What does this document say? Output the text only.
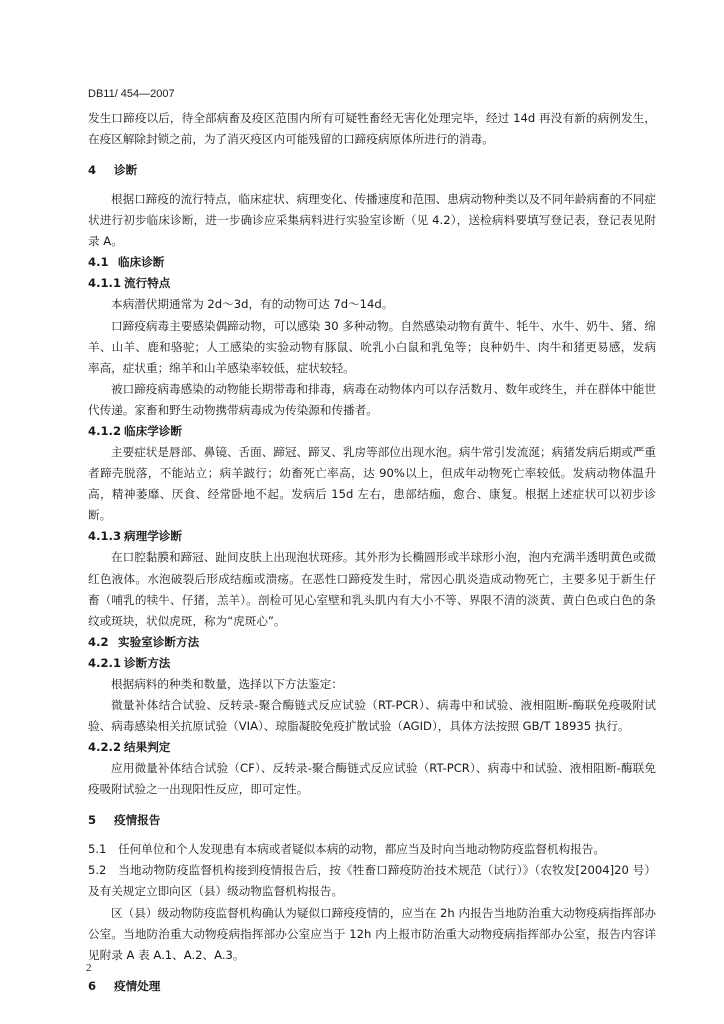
DB11/ 454—2007

发生口蹄疫以后，待全部病畜及疫区范围内所有可疑牲畜经无害化处理完毕，经过 14d 再没有新的病例发生，在疫区解除封锁之前，为了消灭疫区内可能残留的口蹄疫病原体所进行的消毒。

4 诊断

根据口蹄疫的流行特点，临床症状、病理变化、传播速度和范围、患病动物种类以及不同年龄病畜的不同症状进行初步临床诊断，进一步确诊应采集病料进行实验室诊断（见 4.2），送检病料要填写登记表，登记表见附录 A。

4.1 临床诊断
4.1.1 流行特点

本病潜伏期通常为 2d～3d，有的动物可达 7d～14d。

口蹄疫病毒主要感染偶蹄动物，可以感染 30 多种动物。自然感染动物有黄牛、牦牛、水牛、奶牛、猪、绵羊、山羊、鹿和骆驼；人工感染的实验动物有豚鼠、吮乳小白鼠和乳兔等；良种奶牛、肉牛和猪更易感，发病率高，症状重；绵羊和山羊感染率较低，症状较轻。

被口蹄疫病毒感染的动物能长期带毒和排毒，病毒在动物体内可以存活数月、数年或终生，并在群体中能世代传递。家畜和野生动物携带病毒成为传染源和传播者。

4.1.2 临床学诊断

主要症状是唇部、鼻镜、舌面、蹄冠、蹄叉、乳房等部位出现水泡。病牛常引发流涎；病猪发病后期或严重者蹄壳脱落，不能站立；病羊跛行；幼畜死亡率高，达 90%以上，但成年动物死亡率较低。发病动物体温升高，精神萎靡、厌食、经常卧地不起。发病后 15d 左右，患部结痂，愈合、康复。根据上述症状可以初步诊断。

4.1.3 病理学诊断

在口腔黏膜和蹄冠、趾间皮肤上出现泡状斑疹。其外形为长椭圆形或半球形小泡，泡内充满半透明黄色或微红色液体。水泡破裂后形成结痂或溃疡。在恶性口蹄疫发生时，常因心肌炎造成动物死亡，主要多见于新生仔畜（哺乳的犊牛、仔猪，羔羊）。剖检可见心室壁和乳头肌内有大小不等、界限不清的淡黄、黄白色或白色的条纹或斑块，状似虎斑，称为“虎斑心”。

4.2 实验室诊断方法
4.2.1 诊断方法

根据病料的种类和数量，选择以下方法鉴定：

微量补体结合试验、反转录-聚合酶链式反应试验（RT-PCR）、病毒中和试验、液相阻断-酶联免疫吸附试验、病毒感染相关抗原试验（VIA）、琼脂凝胶免疫扩散试验（AGID），具体方法按照 GB/T 18935 执行。

4.2.2 结果判定

应用微量补体结合试验（CF）、反转录-聚合酶链式反应试验（RT-PCR）、病毒中和试验、液相阻断-酶联免疫吸附试验之一出现阳性反应，即可定性。

5 疫情报告

5.1　任何单位和个人发现患有本病或者疑似本病的动物，都应当及时向当地动物防疫监督机构报告。

5.2　当地动物防疫监督机构接到疫情报告后，按《牲畜口蹄疫防治技术规范（试行）》（农牧发[2004]20 号）及有关规定立即向区（县）级动物监督机构报告。

区（县）级动物防疫监督机构确认为疑似口蹄疫疫情的，应当在 2h 内报告当地防治重大动物疫病指挥部办公室。当地防治重大动物疫病指挥部办公室应当于 12h 内上报市防治重大动物疫病指挥部办公室，报告内容详见附录 A 表 A.1、A.2、A.3。

6 疫情处理
2
